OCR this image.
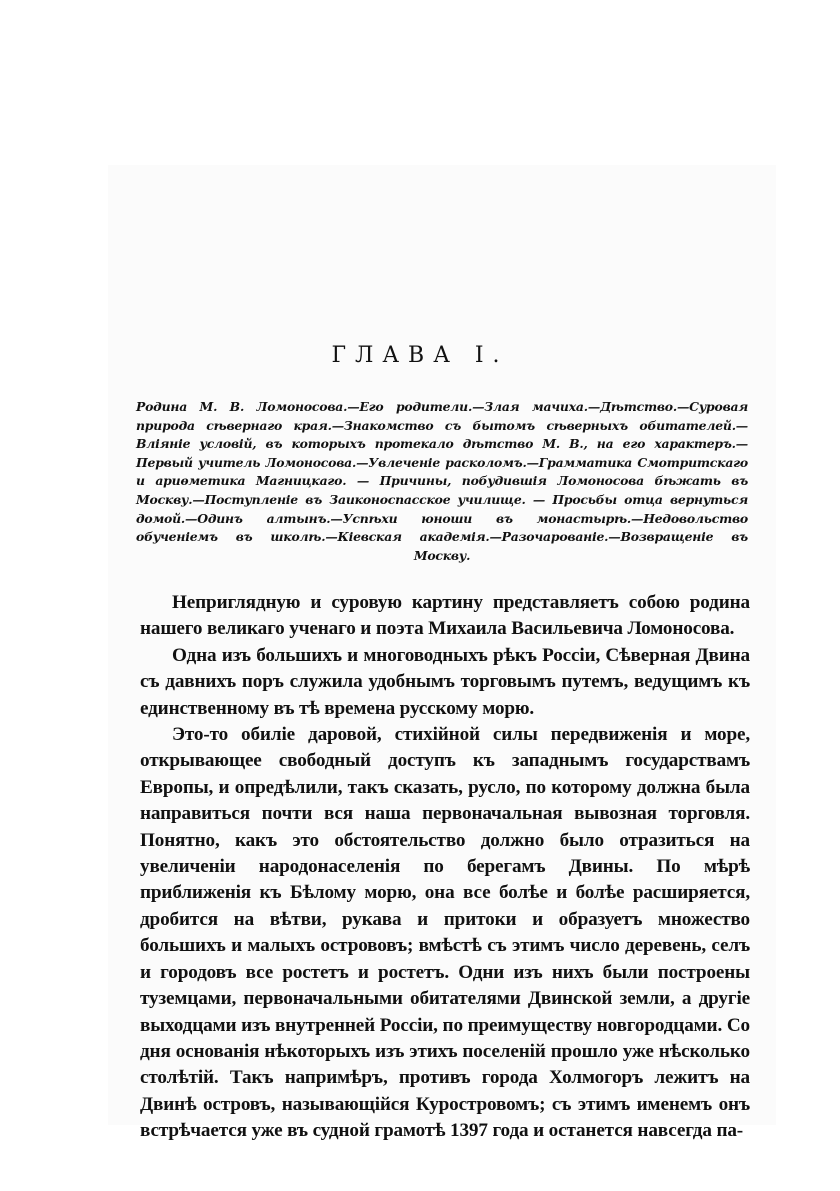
ГЛАВА I.
Родина М. В. Ломоносова.—Его родители.—Злая мачиха.—Дѣтство.—Суровая природа сѣвернаго края.—Знакомство съ бытомъ сѣверныхъ обитателей.—Вліяніе условій, въ которыхъ протекало дѣтство М. В., на его характеръ.—Первый учитель Ломоносова.—Увлеченіе расколомъ.—Грамматика Смотритскаго и ариѳметика Магницкаго. — Причины, побудившія Ломоносова бѣжать въ Москву.—Поступленіе въ Заиконоспасское училище. — Просьбы отца вернуться домой.—Одинъ алтынъ.—Успѣхи юноши въ монастырѣ.—Недовольство обученіемъ въ школѣ.—Кіевская академія.—Разочарованіе.—Возвращеніе въ Москву.

Неприглядную и суровую картину представляетъ собою родина нашего великаго ученаго и поэта Михаила Васильевича Ломоносова.

Одна изъ большихъ и многоводныхъ рѣкъ Россіи, Сѣверная Двина съ давнихъ поръ служила удобнымъ торговымъ путемъ, ведущимъ къ единственному въ тѣ времена русскому морю.

Это-то обиліе даровой, стихійной силы передвиженія и море, открывающее свободный доступъ къ западнымъ государствамъ Европы, и опредѣлили, такъ сказать, русло, по которому должна была направиться почти вся наша первоначальная вывозная торговля. Понятно, какъ это обстоятельство должно было отразиться на увеличеніи народонаселенія по берегамъ Двины. По мѣрѣ приближенія къ Бѣлому морю, она все болѣе и болѣе расширяется, дробится на вѣтви, рукава и притоки и образуетъ множество большихъ и малыхъ острововъ; вмѣстѣ съ этимъ число деревень, селъ и городовъ все ростетъ и ростетъ. Одни изъ нихъ были построены туземцами, первоначальными обитателями Двинской земли, а другіе выходцами изъ внутренней Россіи, по преимуществу новгородцами. Со дня основанія нѣкоторыхъ изъ этихъ поселеній прошло уже нѣсколько столѣтій. Такъ напримѣръ, противъ города Холмогоръ лежитъ на Двинѣ островъ, называющійся Куростровомъ; съ этимъ именемъ онъ встрѣчается уже въ судной грамотѣ 1397 года и останется навсегда па-
